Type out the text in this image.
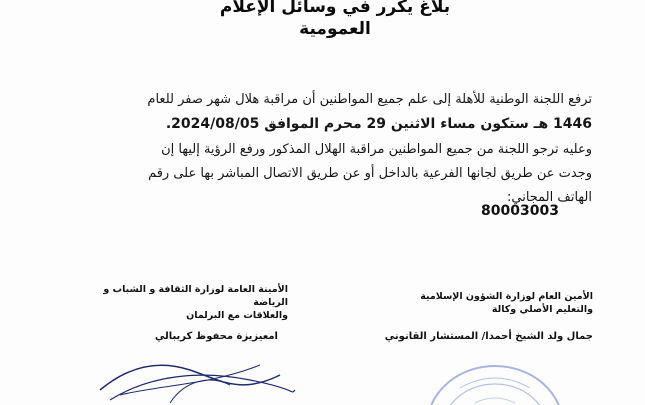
بلاغ يكرر في وسائل الإعلام العمومية
ترفع اللجنة الوطنية للأهلة إلى علم جميع المواطنين أن مراقبة هلال شهر صفر للعام
1446 هـ ستكون مساء الاثنين 29 محرم الموافق 2024/08/05.
وعليه ترجو اللجنة من جميع المواطنين مراقبة الهلال المذكور ورفع الرؤية إليها إن
وجدت عن طريق لجانها الفرعية بالداخل أو عن طريق الاتصال المباشر بها على رقم
الهاتف المجاني:
80003003
الأمين العام لوزارة الشؤون الإسلامية
والتعليم الأصلي وكالة
الأمينة العامة لوزارة الثقافة و الشباب و الرياضة
والعلاقات مع البرلمان
جمال ولد الشيخ أحمدا/ المستشار القانوني
امعيزيزة محفوظ كريبالي
